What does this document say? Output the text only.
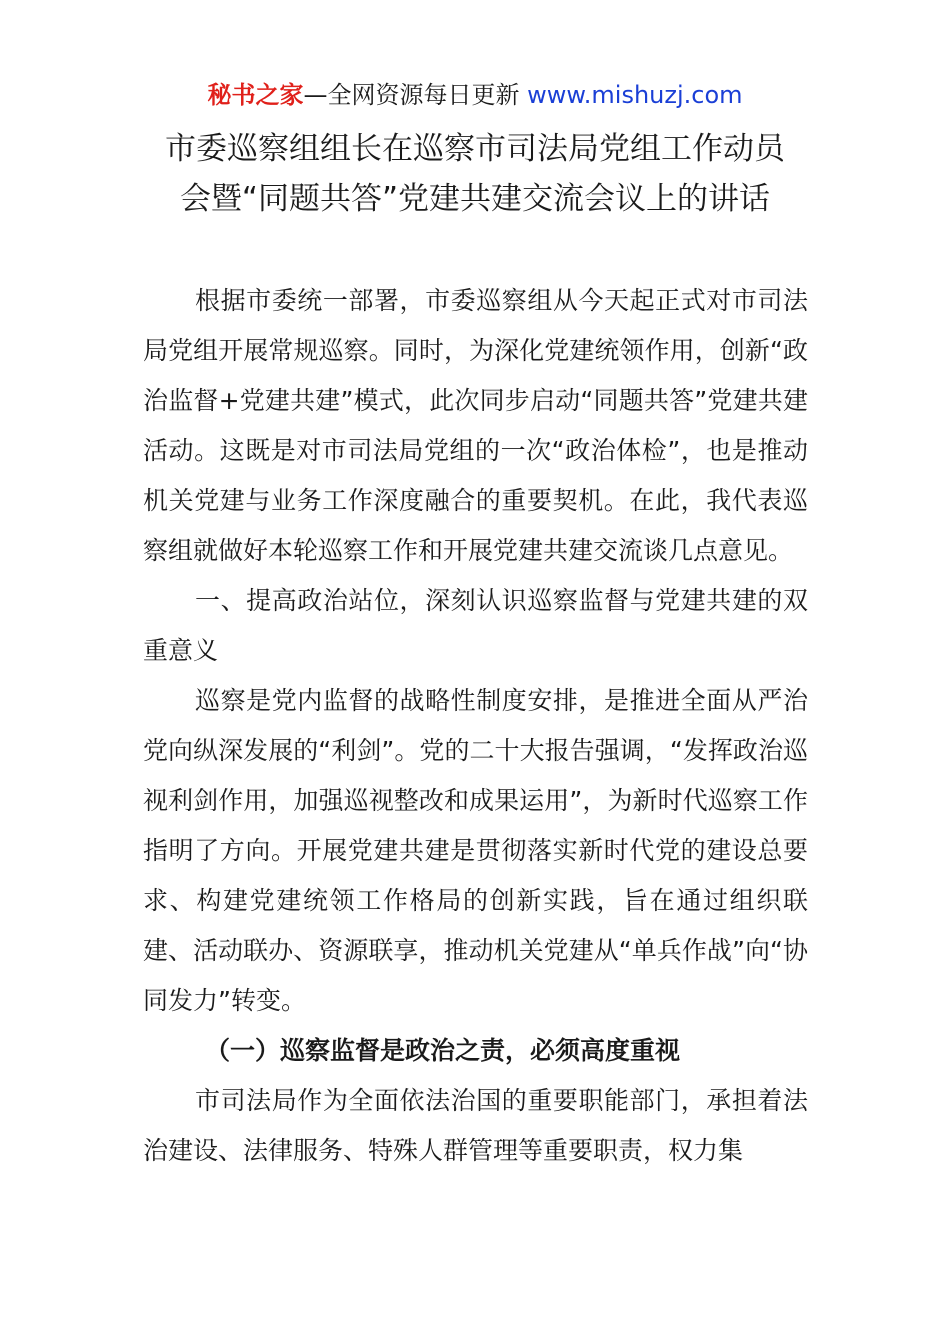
秘书之家—全网资源每日更新 www.mishuzj.com
市委巡察组组长在巡察市司法局党组工作动员
会暨“同题共答”党建共建交流会议上的讲话

根据市委统一部署，市委巡察组从今天起正式对市司法局党组开展常规巡察。同时，为深化党建统领作用，创新“政治监督+党建共建”模式，此次同步启动“同题共答”党建共建活动。这既是对市司法局党组的一次“政治体检”，也是推动机关党建与业务工作深度融合的重要契机。在此，我代表巡察组就做好本轮巡察工作和开展党建共建交流谈几点意见。

一、提高政治站位，深刻认识巡察监督与党建共建的双重意义

巡察是党内监督的战略性制度安排，是推进全面从严治党向纵深发展的“利剑”。党的二十大报告强调，“发挥政治巡视利剑作用，加强巡视整改和成果运用”，为新时代巡察工作指明了方向。开展党建共建是贯彻落实新时代党的建设总要求、构建党建统领工作格局的创新实践，旨在通过组织联建、活动联办、资源联享，推动机关党建从“单兵作战”向“协同发力”转变。

（一）巡察监督是政治之责，必须高度重视

市司法局作为全面依法治国的重要职能部门，承担着法治建设、法律服务、特殊人群管理等重要职责，权力集
